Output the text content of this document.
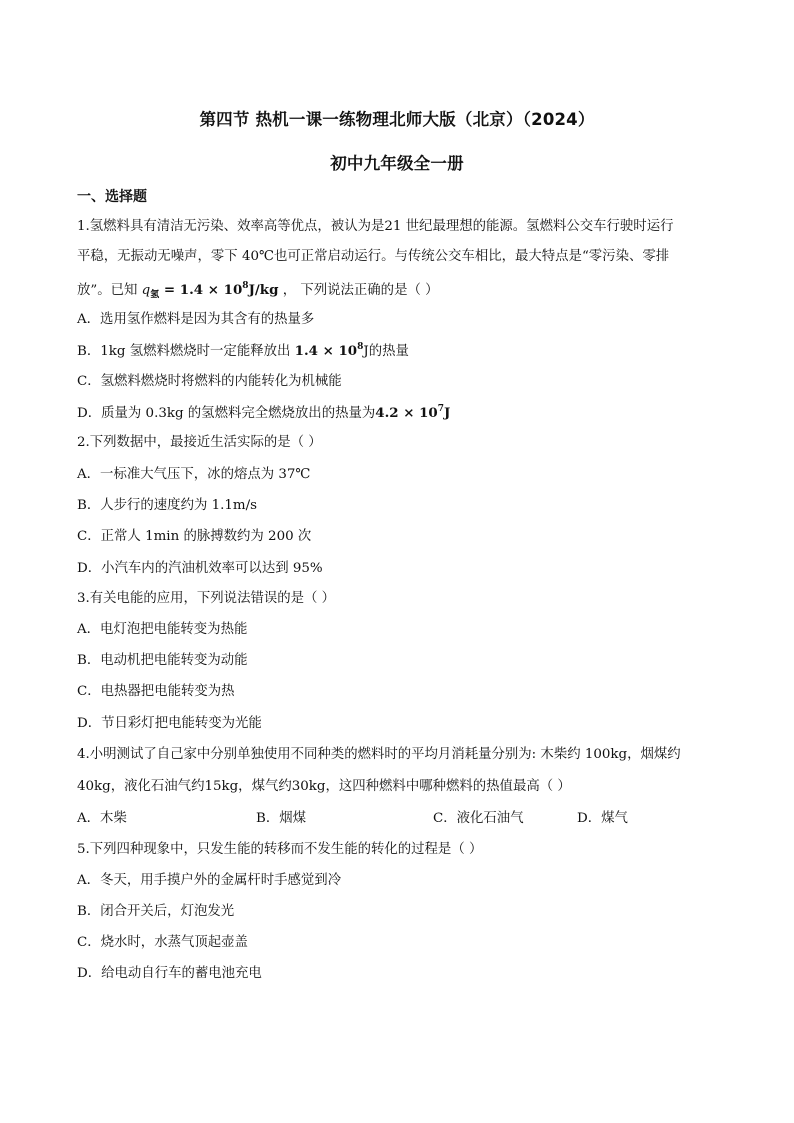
第四节 热机一课一练物理北师大版（北京）（2024）
初中九年级全一册
一、选择题
1.氢燃料具有清洁无污染、效率高等优点，被认为是21 世纪最理想的能源。氢燃料公交车行驶时运行
平稳，无振动无噪声，零下 40℃也可正常启动运行。与传统公交车相比，最大特点是“零污染、零排
放”。已知 $q_氢 = 1.4 \times 10^8J/kg$ ， 下列说法正确的是（ ）
A．选用氢作燃料是因为其含有的热量多
B．1kg 氢燃料燃烧时一定能释放出 $1.4 \times 10^8J$的热量
C．氢燃料燃烧时将燃料的内能转化为机械能
D．质量为 0.3kg 的氢燃料完全燃烧放出的热量为$4.2 \times 10^7J$
2.下列数据中，最接近生活实际的是（ ）
A．一标准大气压下，冰的熔点为 37℃
B．人步行的速度约为 1.1m/s
C．正常人 1min 的脉搏数约为 200 次
D．小汽车内的汽油机效率可以达到 95%
3.有关电能的应用，下列说法错误的是（ ）
A．电灯泡把电能转变为热能
B．电动机把电能转变为动能
C．电热器把电能转变为热
D．节日彩灯把电能转变为光能
4.小明测试了自己家中分别单独使用不同种类的燃料时的平均月消耗量分别为: 木柴约 100kg，烟煤约
40kg，液化石油气约15kg，煤气约30kg，这四种燃料中哪种燃料的热值最高（ ）
A．木柴	B．烟煤	C．液化石油气	D．煤气
5.下列四种现象中，只发生能的转移而不发生能的转化的过程是（ ）
A．冬天，用手摸户外的金属杆时手感觉到冷
B．闭合开关后，灯泡发光
C．烧水时，水蒸气顶起壶盖
D．给电动自行车的蓄电池充电
